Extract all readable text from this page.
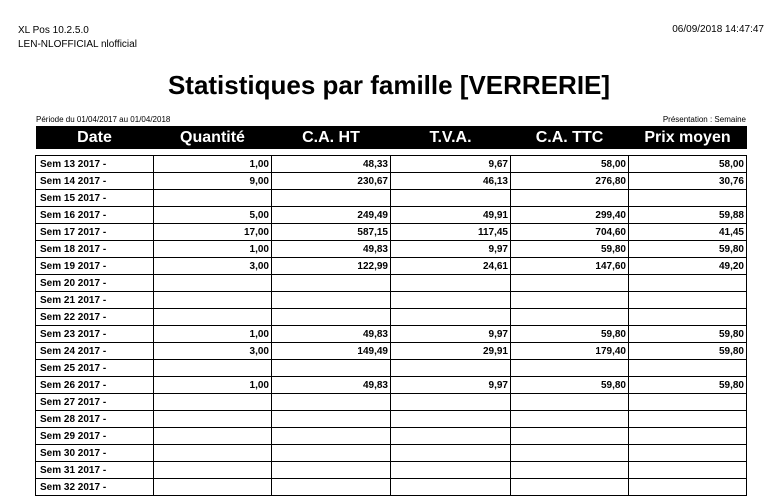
XL Pos 10.2.5.0
LEN-NLOFFICIAL nlofficial
06/09/2018 14:47:47
Statistiques par famille [VERRERIE]
Période du 01/04/2017 au 01/04/2018	Présentation : Semaine
Date	Quantité	C.A. HT	T.V.A.	C.A. TTC	Prix moyen

Sem 13 2017 -	1,00	48,33	9,67	58,00	58,00
Sem 14 2017 -	9,00	230,67	46,13	276,80	30,76
Sem 15 2017 -					
Sem 16 2017 -	5,00	249,49	49,91	299,40	59,88
Sem 17 2017 -	17,00	587,15	117,45	704,60	41,45
Sem 18 2017 -	1,00	49,83	9,97	59,80	59,80
Sem 19 2017 -	3,00	122,99	24,61	147,60	49,20
Sem 20 2017 -					
Sem 21 2017 -					
Sem 22 2017 -					
Sem 23 2017 -	1,00	49,83	9,97	59,80	59,80
Sem 24 2017 -	3,00	149,49	29,91	179,40	59,80
Sem 25 2017 -					
Sem 26 2017 -	1,00	49,83	9,97	59,80	59,80
Sem 27 2017 -					
Sem 28 2017 -					
Sem 29 2017 -					
Sem 30 2017 -					
Sem 31 2017 -					
Sem 32 2017 -					
